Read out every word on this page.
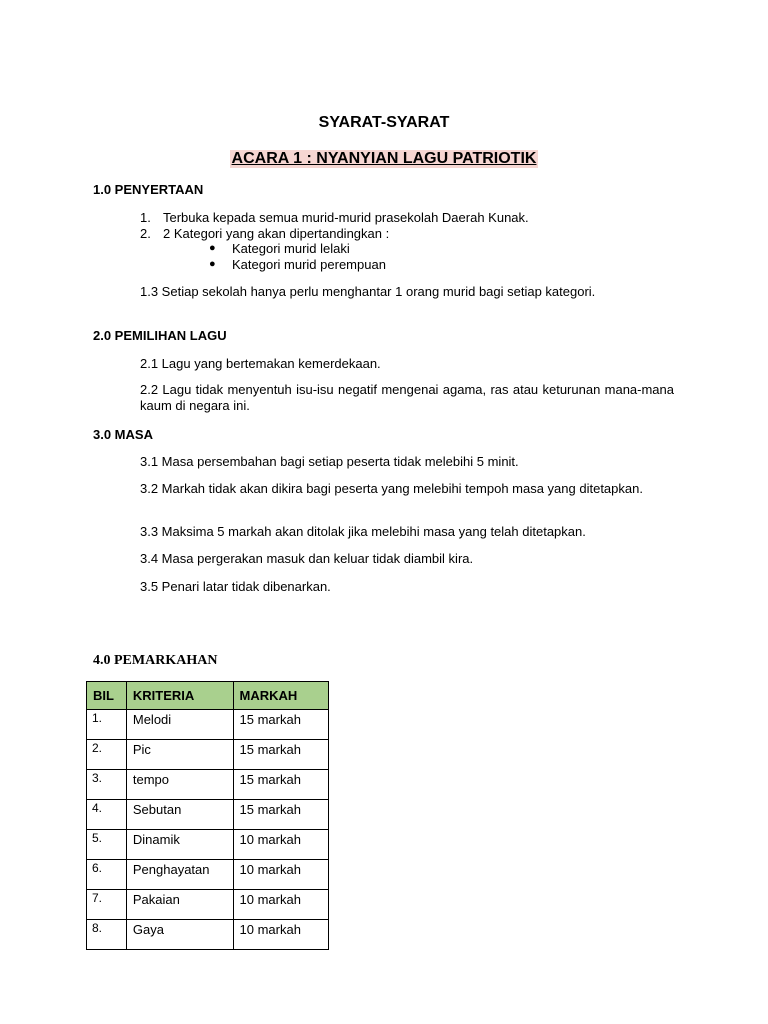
SYARAT-SYARAT
ACARA 1 : NYANYIAN LAGU PATRIOTIK
1.0 PENYERTAAN
1. Terbuka kepada semua murid-murid prasekolah Daerah Kunak.
2. 2 Kategori yang akan dipertandingkan :
● Kategori murid lelaki
● Kategori murid perempuan
1.3 Setiap sekolah hanya perlu menghantar 1 orang murid bagi setiap kategori.
2.0 PEMILIHAN LAGU
2.1 Lagu yang bertemakan kemerdekaan.
2.2 Lagu tidak menyentuh isu-isu negatif mengenai agama, ras atau keturunan mana-mana kaum di negara ini.
3.0 MASA
3.1 Masa persembahan bagi setiap peserta tidak melebihi 5 minit.
3.2 Markah tidak akan dikira bagi peserta yang melebihi tempoh masa yang ditetapkan.
3.3 Maksima 5 markah akan ditolak jika melebihi masa yang telah ditetapkan.
3.4 Masa pergerakan masuk dan keluar tidak diambil kira.
3.5 Penari latar tidak dibenarkan.
4.0 PEMARKAHAN
BIL	KRITERIA	MARKAH
1.	Melodi	15 markah
2.	Pic	15 markah
3.	tempo	15 markah
4.	Sebutan	15 markah
5.	Dinamik	10 markah
6.	Penghayatan	10 markah
7.	Pakaian	10 markah
8.	Gaya	10 markah
